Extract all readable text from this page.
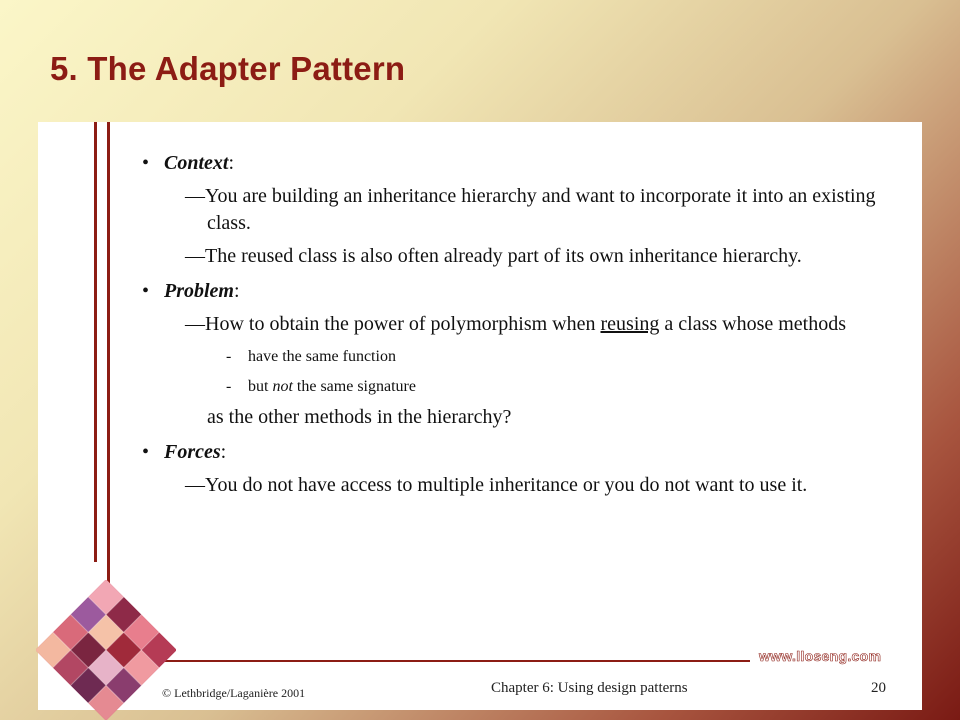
5. The Adapter Pattern
• Context:
—You are building an inheritance hierarchy and want to incorporate it into an existing class.
—The reused class is also often already part of its own inheritance hierarchy.
• Problem:
—How to obtain the power of polymorphism when reusing a class whose methods
-	have the same function
-	but not the same signature
as the other methods in the hierarchy?
• Forces:
—You do not have access to multiple inheritance or you do not want to use it.
www.lloseng.com
© Lethbridge/Laganière 2001	Chapter 6: Using design patterns	20
